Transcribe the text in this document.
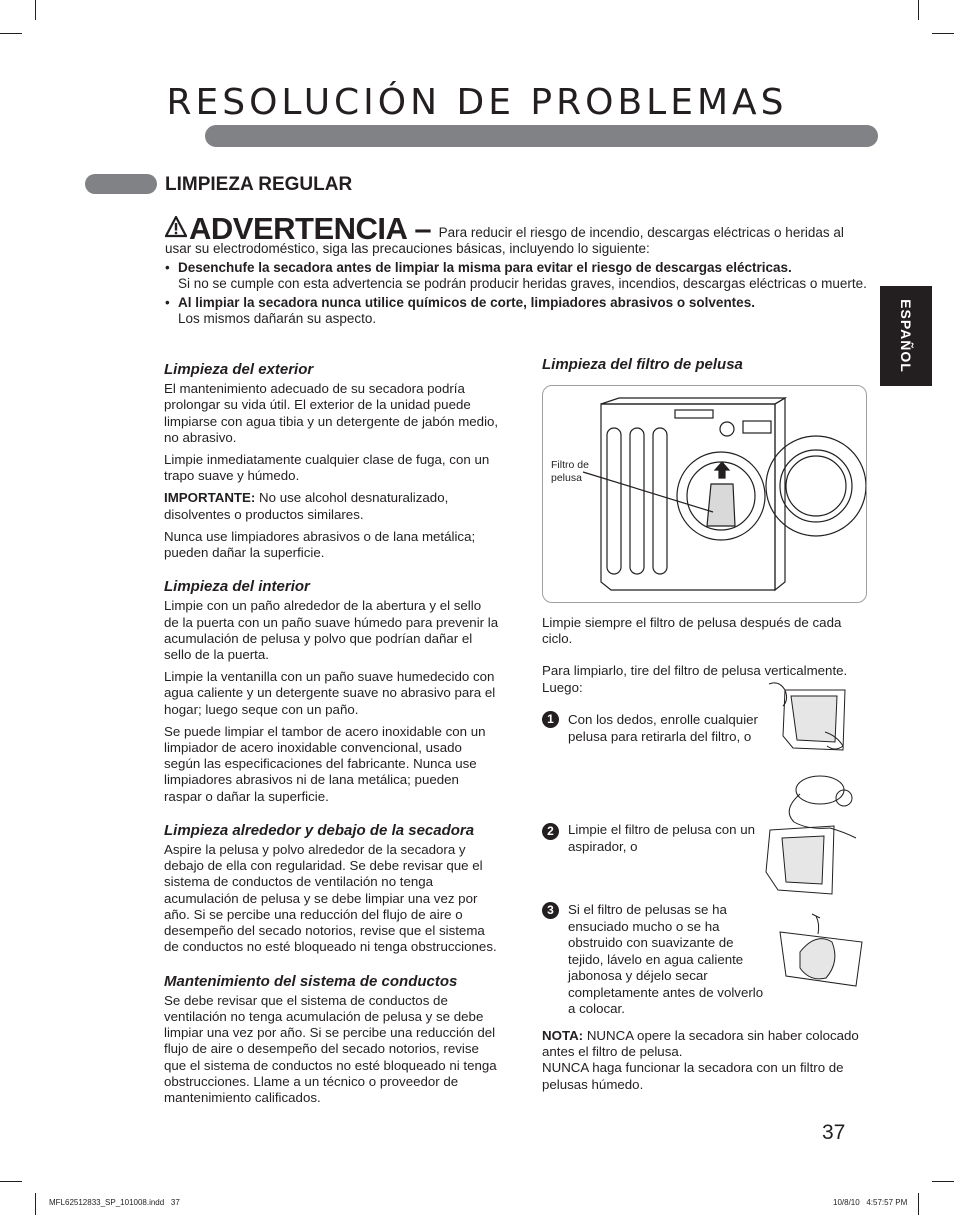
RESOLUCIÓN DE PROBLEMAS
LIMPIEZA REGULAR
ADVERTENCIA – Para reducir el riesgo de incendio, descargas eléctricas o heridas al usar su electrodoméstico, siga las precauciones básicas, incluyendo lo siguiente:
• Desenchufe la secadora antes de limpiar la misma para evitar el riesgo de descargas eléctricas.
Si no se cumple con esta advertencia se podrán producir heridas graves, incendios, descargas eléctricas o muerte.
• Al limpiar la secadora nunca utilice químicos de corte, limpiadores abrasivos o solventes.
Los mismos dañarán su aspecto.	ESPAÑOL
Limpieza del exterior

El mantenimiento adecuado de su secadora podría prolongar su vida útil. El exterior de la unidad puede limpiarse con agua tibia y un detergente de jabón medio, no abrasivo.

Limpie inmediatamente cualquier clase de fuga, con un trapo suave y húmedo.

IMPORTANTE: No use alcohol desnaturalizado, disolventes o productos similares.

Nunca use limpiadores abrasivos o de lana metálica; pueden dañar la superficie.

Limpieza del interior

Limpie con un paño alrededor de la abertura y el sello de la puerta con un paño suave húmedo para prevenir la acumulación de pelusa y polvo que podrían dañar el sello de la puerta.

Limpie la ventanilla con un paño suave humedecido con agua caliente y un detergente suave no abrasivo para el hogar; luego seque con un paño.

Se puede limpiar el tambor de acero inoxidable con un limpiador de acero inoxidable convencional, usado según las especificaciones del fabricante. Nunca use limpiadores abrasivos ni de lana metálica; pueden raspar o dañar la superficie.

Limpieza alrededor y debajo de la secadora

Aspire la pelusa y polvo alrededor de la secadora y debajo de ella con regularidad. Se debe revisar que el sistema de conductos de ventilación no tenga acumulación de pelusa y se debe limpiar una vez por año. Si se percibe una reducción del flujo de aire o desempeño del secado notorios, revise que el sistema de conductos no esté bloqueado ni tenga obstrucciones.

Mantenimiento del sistema de conductos

Se debe revisar que el sistema de conductos de ventilación no tenga acumulación de pelusa y se debe limpiar una vez por año. Si se percibe una reducción del flujo de aire o desempeño del secado notorios, revise que el sistema de conductos no esté bloqueado ni tenga obstrucciones. Llame a un técnico o proveedor de mantenimiento calificados.

Limpieza del filtro de pelusa
Filtro de pelusa

Limpie siempre el filtro de pelusa después de cada ciclo.

Para limpiarlo, tire del filtro de pelusa verticalmente. Luego:

1	Con los dedos, enrolle cualquier pelusa para retirarla del filtro, o
2	Limpie el filtro de pelusa con un aspirador, o
3	Si el filtro de pelusas se ha ensuciado mucho o se ha obstruido con suavizante de tejido, lávelo en agua caliente jabonosa y déjelo secar completamente antes de volverlo a colocar.

NOTA: NUNCA opere la secadora sin haber colocado antes el filtro de pelusa.

NUNCA haga funcionar la secadora con un filtro de pelusas húmedo.

37
MFL62512833_SP_101008.indd   37	10/8/10   4:57:57 PM
